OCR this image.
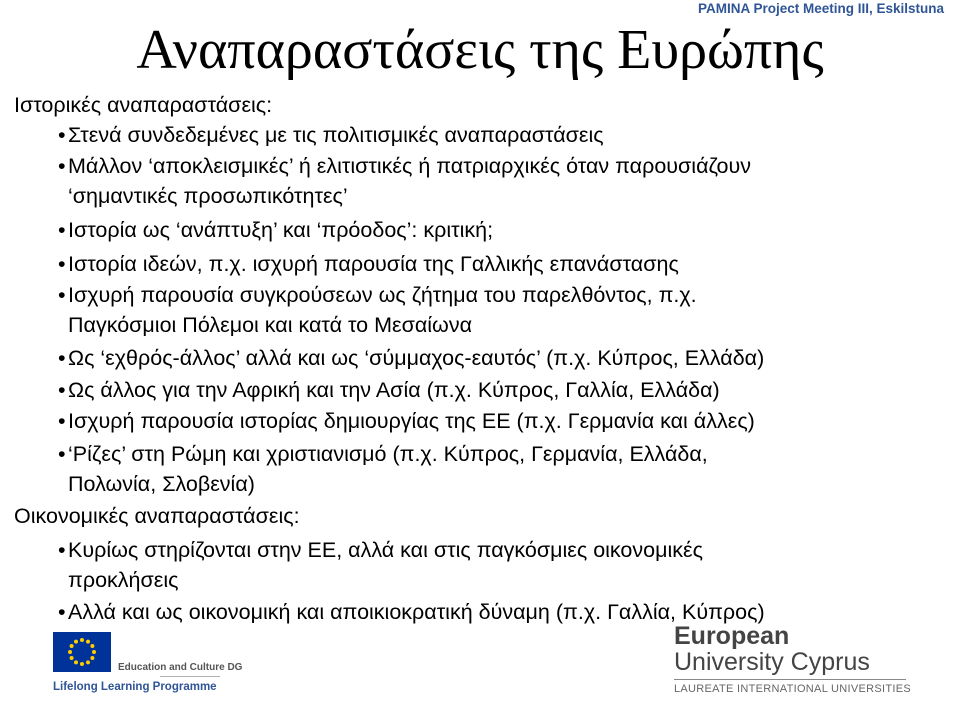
PAMINA Project Meeting III, Eskilstuna
Αναπαραστάσεις της Ευρώπης
Ιστορικές αναπαραστάσεις:
• Στενά συνδεδεμένες με τις πολιτισμικές αναπαραστάσεις
• Μάλλον ‘αποκλεισμικές’ ή ελιτιστικές ή πατριαρχικές όταν παρουσιάζουν
‘σημαντικές προσωπικότητες’
• Ιστορία ως ‘ανάπτυξη’ και ‘πρόοδος’: κριτική;
• Ιστορία ιδεών, π.χ. ισχυρή παρουσία της Γαλλικής επανάστασης
• Ισχυρή παρουσία συγκρούσεων ως ζήτημα του παρελθόντος, π.χ.
Παγκόσμιοι Πόλεμοι και κατά το Μεσαίωνα
• Ως ‘εχθρός-άλλος’ αλλά και ως ‘σύμμαχος-εαυτός’ (π.χ. Κύπρος, Ελλάδα)
• Ως άλλος για την Αφρική και την Ασία (π.χ. Κύπρος, Γαλλία, Ελλάδα)
• Ισχυρή παρουσία ιστορίας δημιουργίας της ΕΕ (π.χ. Γερμανία και άλλες)
• ‘Ρίζες’ στη Ρώμη και χριστιανισμό (π.χ. Κύπρος, Γερμανία, Ελλάδα,
Πολωνία, Σλοβενία)
Οικονομικές αναπαραστάσεις:
• Κυρίως στηρίζονται στην ΕΕ, αλλά και στις παγκόσμιες οικονομικές
προκλήσεις
• Αλλά και ως οικονομική και αποικιοκρατική δύναμη (π.χ. Γαλλία, Κύπρος)
Education and Culture DG
Lifelong Learning Programme
European
University Cyprus
LAUREATE INTERNATIONAL UNIVERSITIES
